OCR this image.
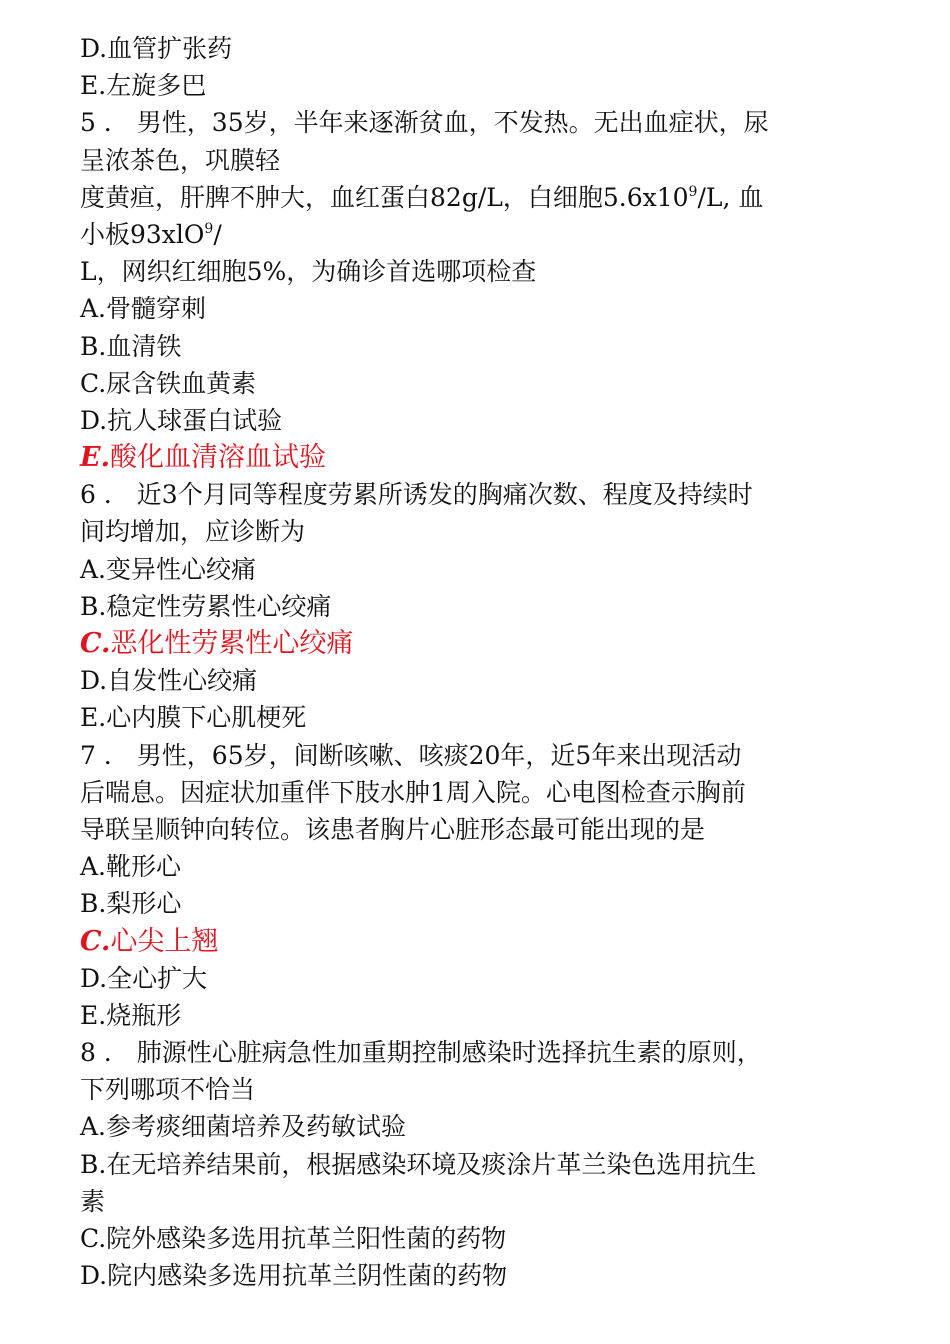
D.血管扩张药
E.左旋多巴
5 ． 男性，35岁，半年来逐渐贫血，不发热。无出血症状，尿
呈浓茶色，巩膜轻
度黄疸，肝脾不肿大，血红蛋白82g/L，白细胞$5.6x10^9/L$, 血
小板93xlO$^9$/
L，网织红细胞5%，为确诊首选哪项检查
A.骨髓穿刺
B.血清铁
C.尿含铁血黄素
D.抗人球蛋白试验
E.酸化血清溶血试验
6 ． 近3个月同等程度劳累所诱发的胸痛次数、程度及持续时
间均增加，应诊断为
A.变异性心绞痛
B.稳定性劳累性心绞痛
C.恶化性劳累性心绞痛
D.自发性心绞痛
E.心内膜下心肌梗死
7 ． 男性，65岁，间断咳嗽、咳痰20年，近5年来出现活动
后喘息。因症状加重伴下肢水肿1周入院。心电图检查示胸前
导联呈顺钟向转位。该患者胸片心脏形态最可能出现的是
A.靴形心
B.梨形心
C.心尖上翘
D.全心扩大
E.烧瓶形
8 ． 肺源性心脏病急性加重期控制感染时选择抗生素的原则，
下列哪项不恰当
A.参考痰细菌培养及药敏试验
B.在无培养结果前，根据感染环境及痰涂片革兰染色选用抗生
素
C.院外感染多选用抗革兰阳性菌的药物
D.院内感染多选用抗革兰阴性菌的药物
